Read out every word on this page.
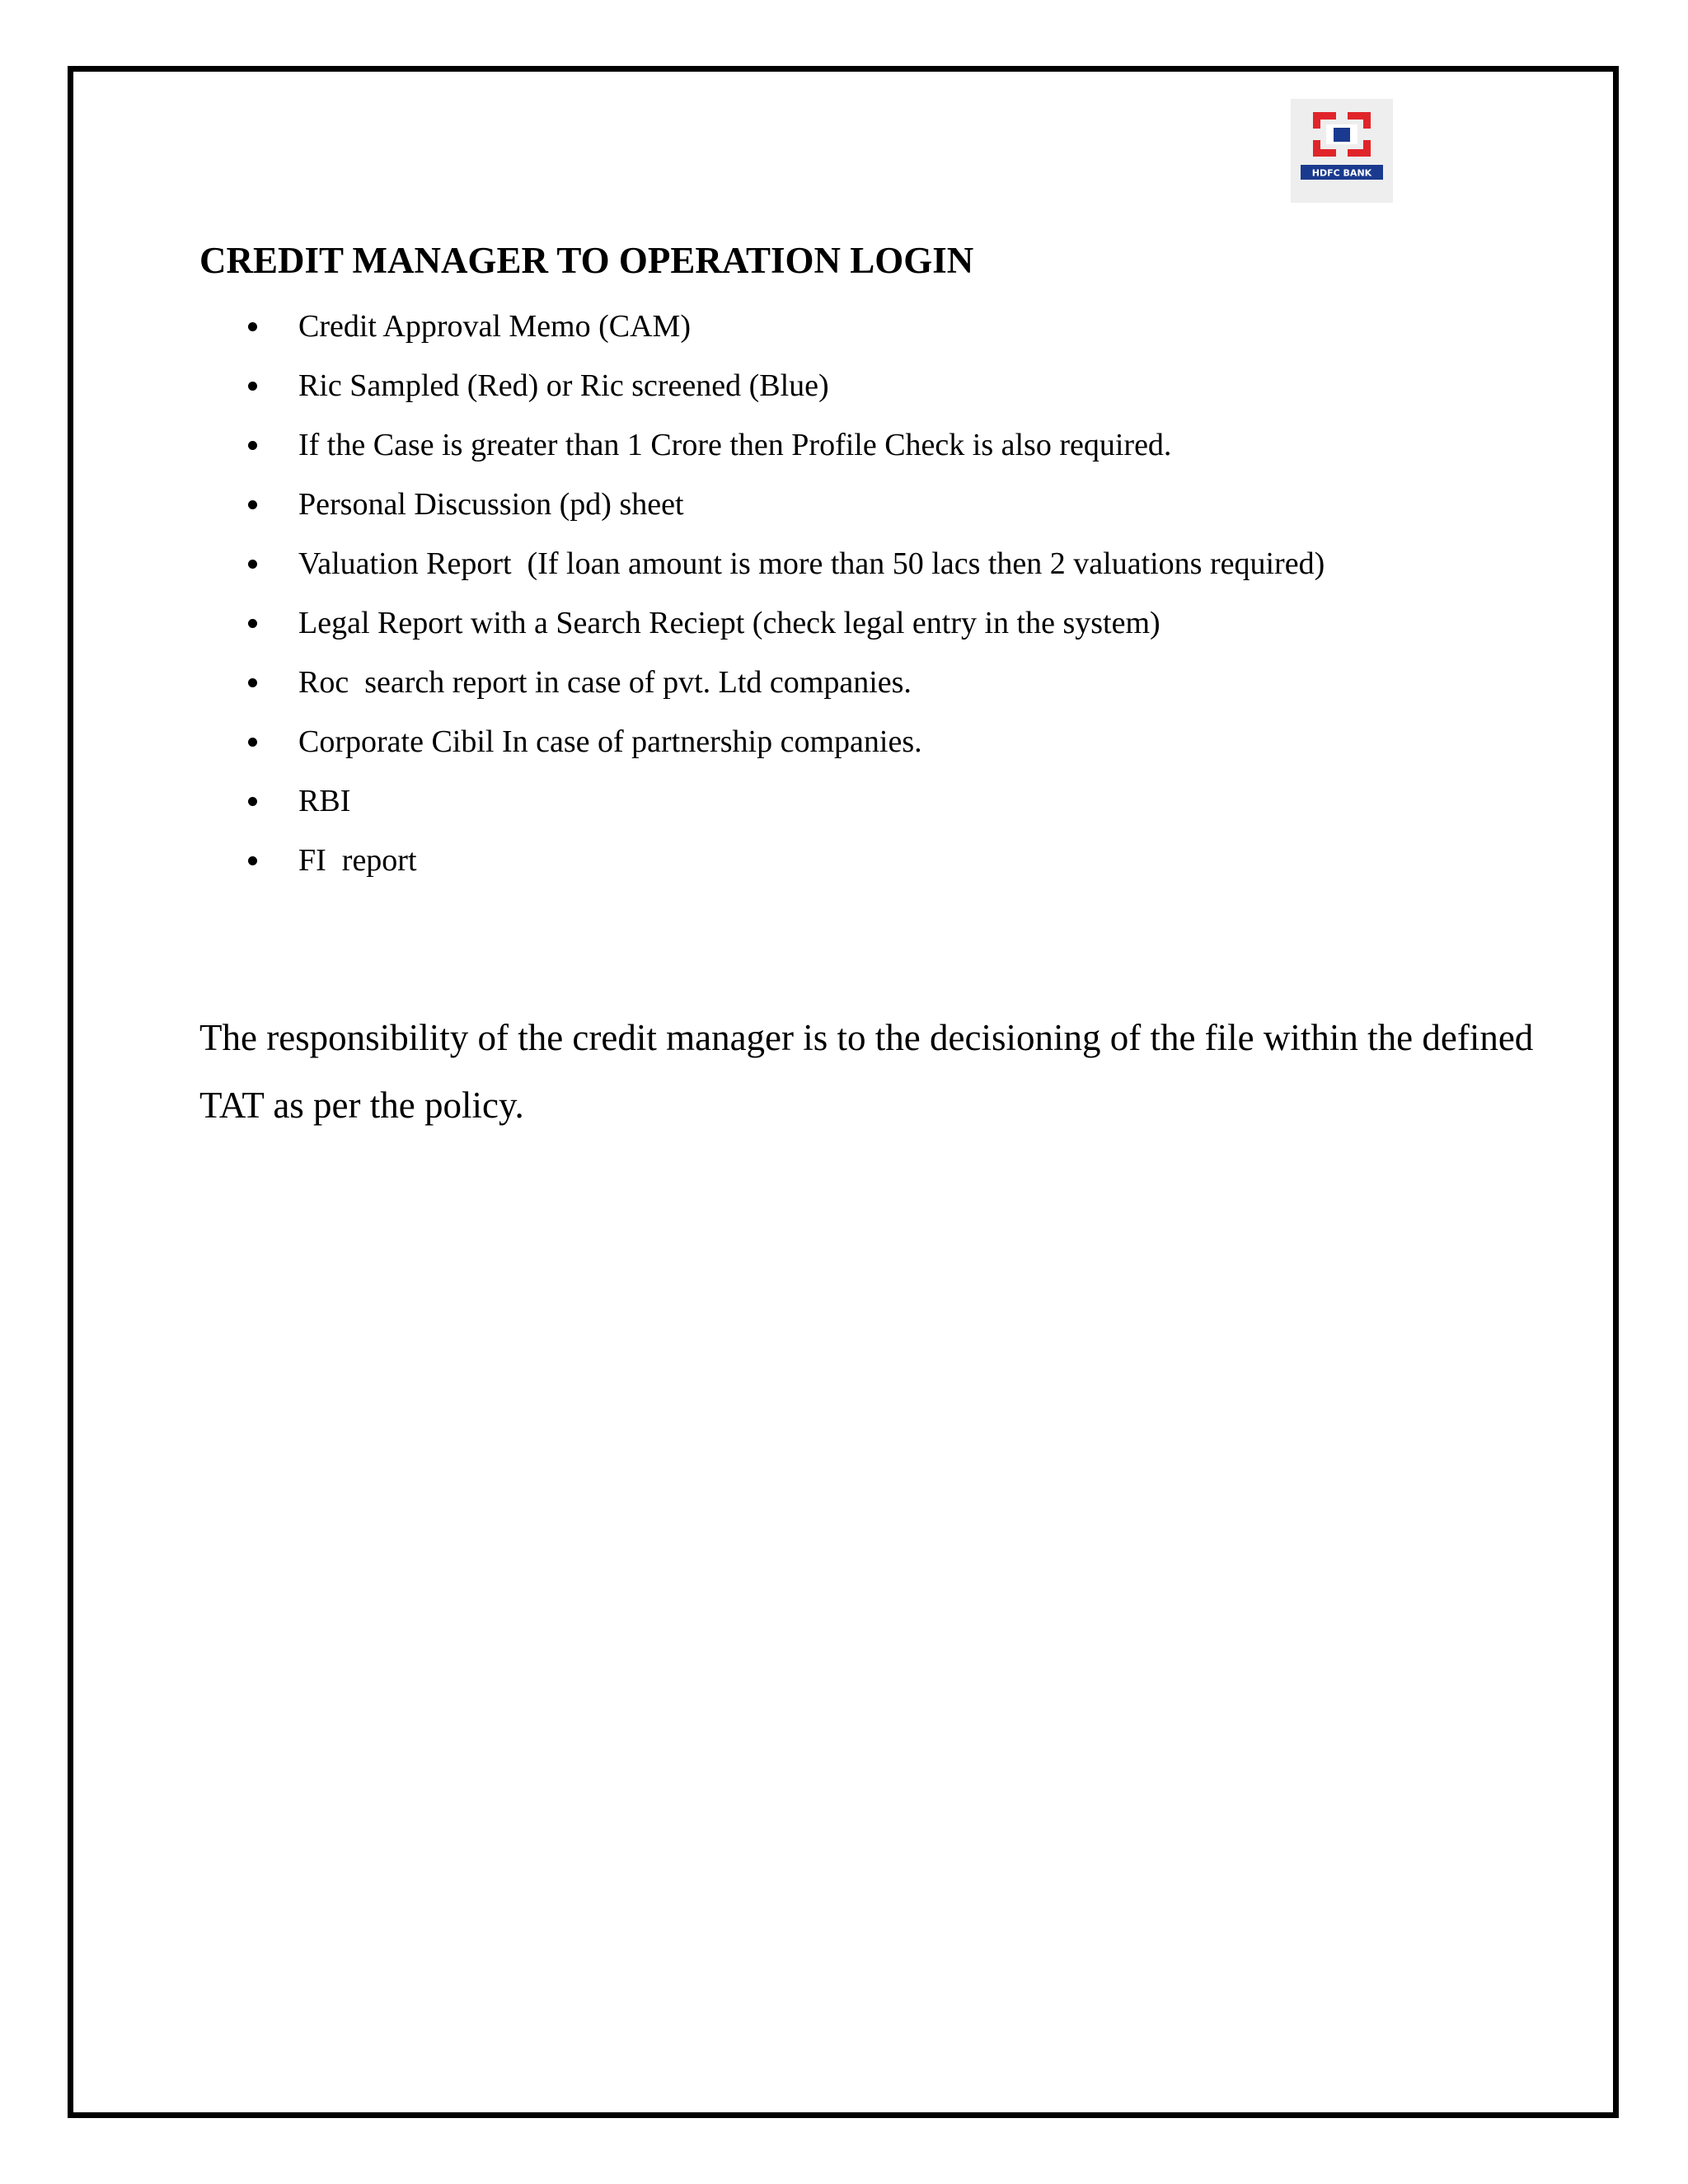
HDFC BANK
CREDIT MANAGER TO OPERATION LOGIN
Credit Approval Memo (CAM)
Ric Sampled (Red) or Ric screened (Blue)
If the Case is greater than 1 Crore then Profile Check is also required.
Personal Discussion (pd) sheet
Valuation Report  (If loan amount is more than 50 lacs then 2 valuations required)
Legal Report with a Search Reciept (check legal entry in the system)
Roc  search report in case of pvt. Ltd companies.
Corporate Cibil In case of partnership companies.
RBI
FI  report

The responsibility of the credit manager is to the decisioning of the file within the defined TAT as per the policy.
